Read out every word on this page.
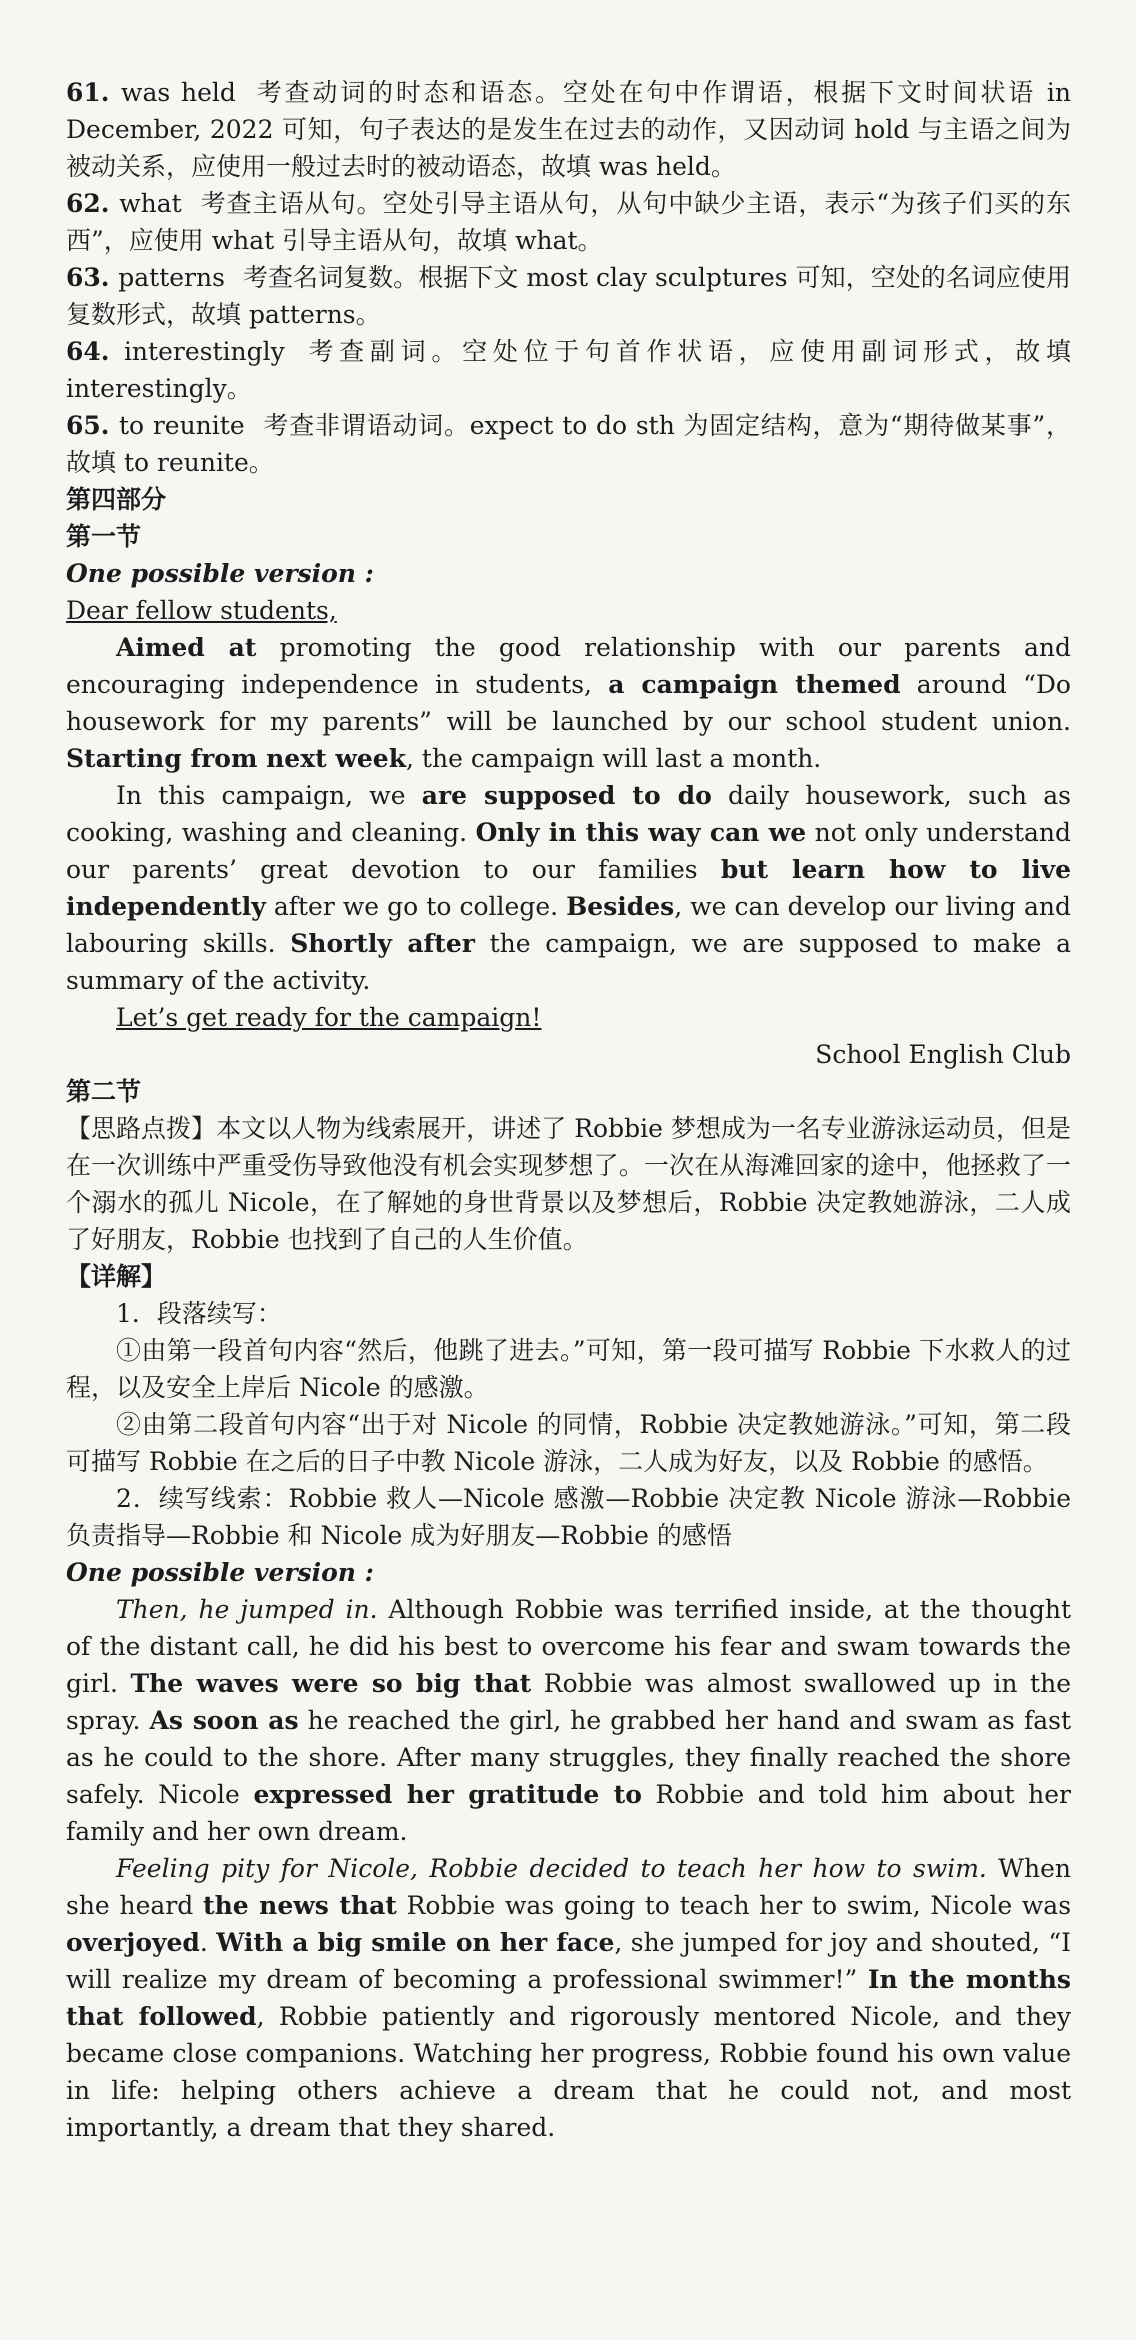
61. was held 考查动词的时态和语态。空处在句中作谓语，根据下文时间状语 in December, 2022 可知，句子表达的是发生在过去的动作，又因动词 hold 与主语之间为被动关系，应使用一般过去时的被动语态，故填 was held。

62. what 考查主语从句。空处引导主语从句，从句中缺少主语，表示“为孩子们买的东西”，应使用 what 引导主语从句，故填 what。

63. patterns 考查名词复数。根据下文 most clay sculptures 可知，空处的名词应使用复数形式，故填 patterns。

64. interestingly 考查副词。空处位于句首作状语，应使用副词形式，故填 interestingly。

65. to reunite 考查非谓语动词。expect to do sth 为固定结构，意为“期待做某事”，故填 to reunite。

第四部分

第一节

One possible version :

Dear fellow students,

Aimed at promoting the good relationship with our parents and encouraging independence in students, a campaign themed around “Do housework for my parents” will be launched by our school student union. Starting from next week, the campaign will last a month.

In this campaign, we are supposed to do daily housework, such as cooking, washing and cleaning. Only in this way can we not only understand our parents’ great devotion to our families but learn how to live independently after we go to college. Besides, we can develop our living and labouring skills. Shortly after the campaign, we are supposed to make a summary of the activity.

Let’s get ready for the campaign!

School English Club

第二节

【思路点拨】本文以人物为线索展开，讲述了 Robbie 梦想成为一名专业游泳运动员，但是在一次训练中严重受伤导致他没有机会实现梦想了。一次在从海滩回家的途中，他拯救了一个溺水的孤儿 Nicole，在了解她的身世背景以及梦想后，Robbie 决定教她游泳，二人成了好朋友，Robbie 也找到了自己的人生价值。

【详解】

1．段落续写：

①由第一段首句内容“然后，他跳了进去。”可知，第一段可描写 Robbie 下水救人的过程，以及安全上岸后 Nicole 的感激。

②由第二段首句内容“出于对 Nicole 的同情，Robbie 决定教她游泳。”可知，第二段可描写 Robbie 在之后的日子中教 Nicole 游泳，二人成为好友，以及 Robbie 的感悟。

2．续写线索：Robbie 救人—Nicole 感激—Robbie 决定教 Nicole 游泳—Robbie 负责指导—Robbie 和 Nicole 成为好朋友—Robbie 的感悟

One possible version :

Then, he jumped in. Although Robbie was terrified inside, at the thought of the distant call, he did his best to overcome his fear and swam towards the girl. The waves were so big that Robbie was almost swallowed up in the spray. As soon as he reached the girl, he grabbed her hand and swam as fast as he could to the shore. After many struggles, they finally reached the shore safely. Nicole expressed her gratitude to Robbie and told him about her family and her own dream.

Feeling pity for Nicole, Robbie decided to teach her how to swim. When she heard the news that Robbie was going to teach her to swim, Nicole was overjoyed. With a big smile on her face, she jumped for joy and shouted, “I will realize my dream of becoming a professional swimmer!” In the months that followed, Robbie patiently and rigorously mentored Nicole, and they became close companions. Watching her progress, Robbie found his own value in life: helping others achieve a dream that he could not, and most importantly, a dream that they shared.
